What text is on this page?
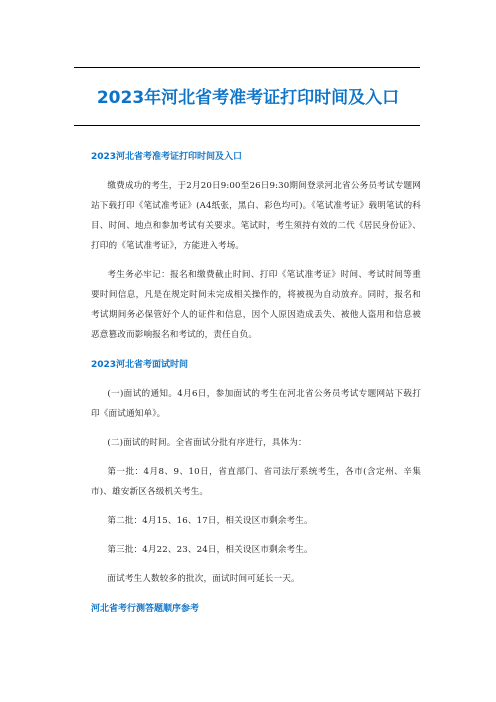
2023年河北省考准考证打印时间及入口
2023河北省考准考证打印时间及入口

缴费成功的考生，于2月20日9:00至26日9:30期间登录河北省公务员考试专题网站下载打印《笔试准考证》(A4纸张，黑白、彩色均可)。《笔试准考证》载明笔试的科目、时间、地点和参加考试有关要求。笔试时，考生须持有效的二代《居民身份证》、打印的《笔试准考证》，方能进入考场。

考生务必牢记：报名和缴费截止时间、打印《笔试准考证》时间、考试时间等重要时间信息，凡是在规定时间未完成相关操作的，将被视为自动放弃。同时，报名和考试期间务必保管好个人的证件和信息，因个人原因造成丢失、被他人盗用和信息被恶意篡改而影响报名和考试的，责任自负。

2023河北省考面试时间

(一)面试的通知。4月6日，参加面试的考生在河北省公务员考试专题网站下载打印《面试通知单》。

(二)面试的时间。全省面试分批有序进行，具体为：

第一批：4月8、9、10日，省直部门、省司法厅系统考生，各市(含定州、辛集市)、雄安新区各级机关考生。

第二批：4月15、16、17日，相关设区市剩余考生。

第三批：4月22、23、24日，相关设区市剩余考生。

面试考生人数较多的批次，面试时间可延长一天。

河北省考行测答题顺序参考
